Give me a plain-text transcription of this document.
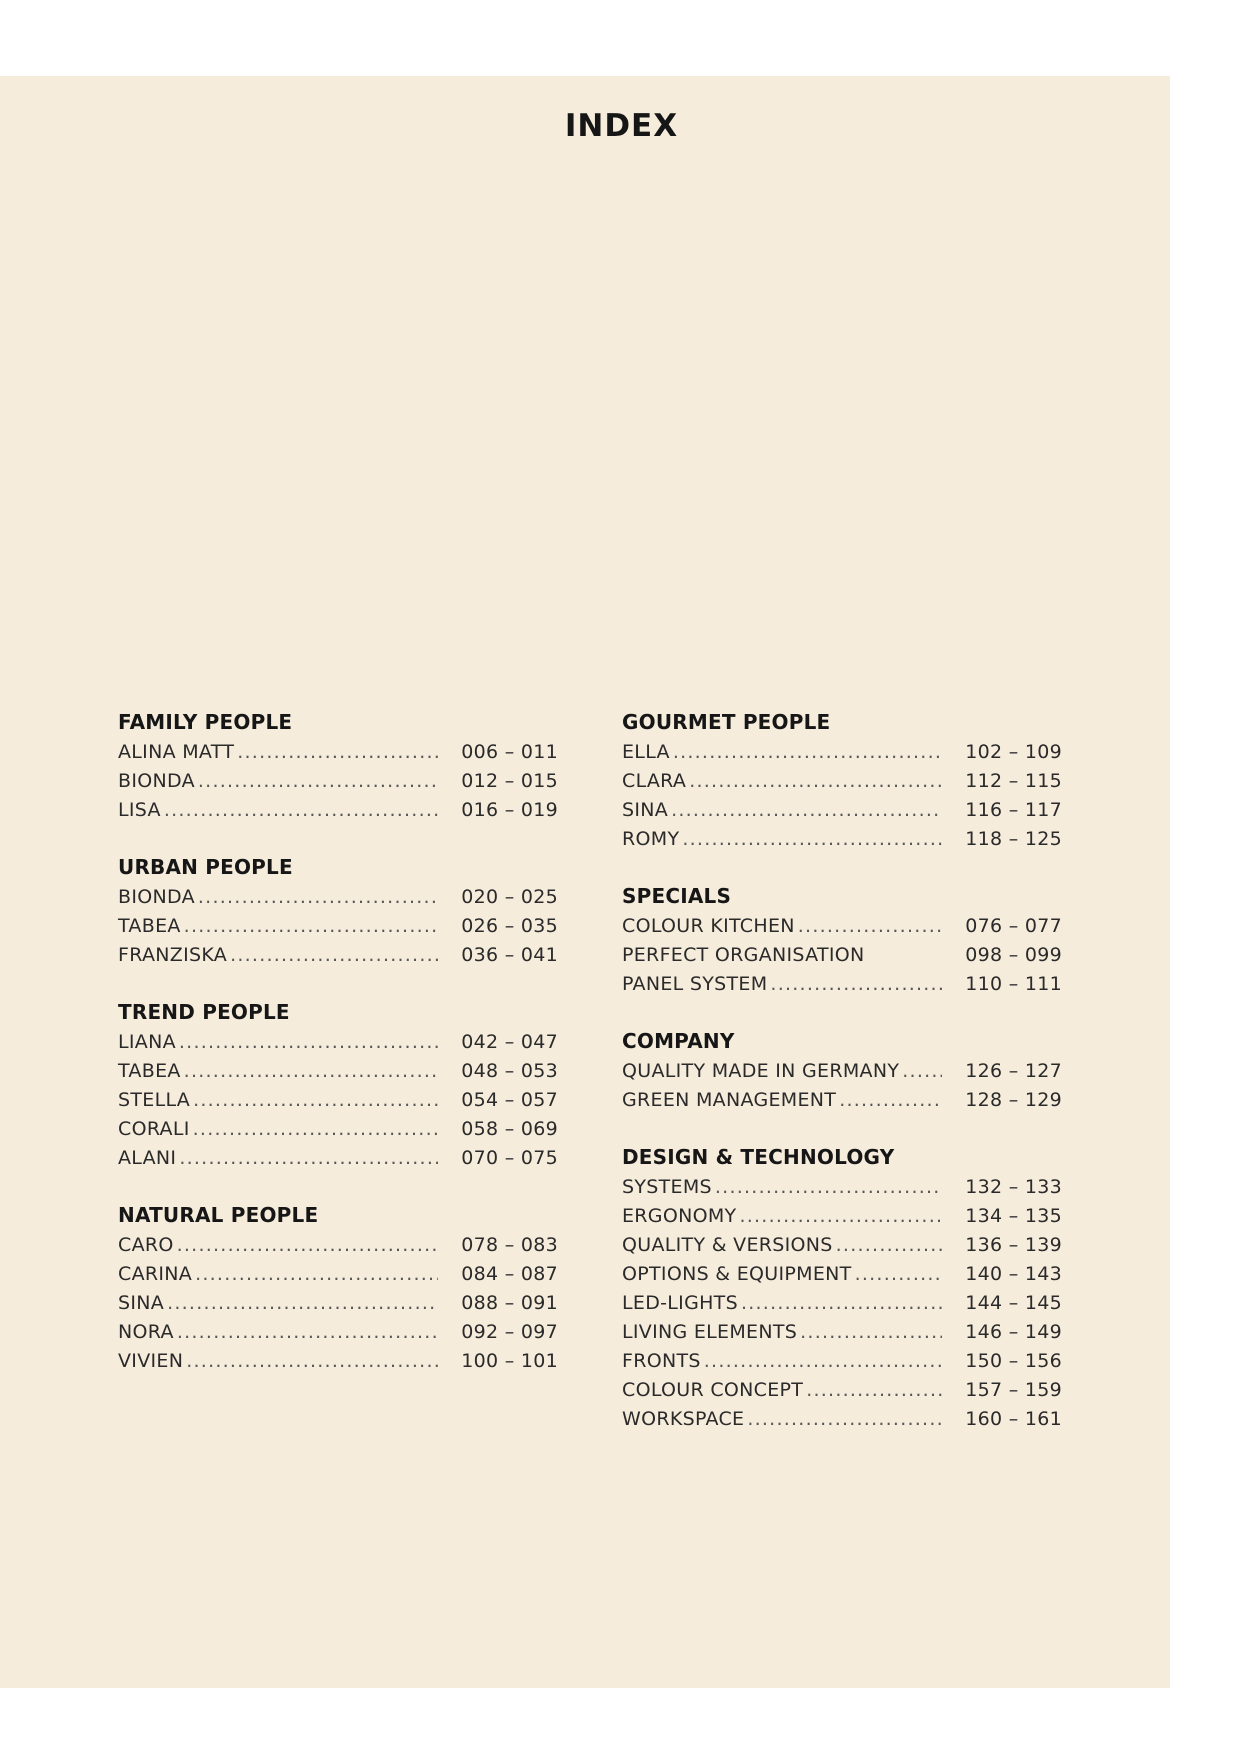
INDEX
FAMILY PEOPLE
ALINA MATT . . .	006 – 011
BIONDA . . .	012 – 015
LISA . . .	016 – 019
URBAN PEOPLE
BIONDA . . .	020 – 025
TABEA . . .	026 – 035
FRANZISKA . . .	036 – 041
TREND PEOPLE
LIANA . . .	042 – 047
TABEA . . .	048 – 053
STELLA . . .	054 – 057
CORALI . . .	058 – 069
ALANI . . .	070 – 075
NATURAL PEOPLE
CARO . . .	078 – 083
CARINA . . .	084 – 087
SINA . . .	088 – 091
NORA . . .	092 – 097
VIVIEN . . .	100 – 101
GOURMET PEOPLE
ELLA . . .	102 – 109
CLARA . . .	112 – 115
SINA . . .	116 – 117
ROMY . . .	118 – 125
SPECIALS
COLOUR KITCHEN . . .	076 – 077
PERFECT ORGANISATION	098 – 099
PANEL SYSTEM . . .	110 – 111
COMPANY
QUALITY MADE IN GERMANY . . .	126 – 127
GREEN MANAGEMENT . . .	128 – 129
DESIGN & TECHNOLOGY
SYSTEMS . . .	132 – 133
ERGONOMY . . .	134 – 135
QUALITY & VERSIONS . . .	136 – 139
OPTIONS & EQUIPMENT . . .	140 – 143
LED-LIGHTS . . .	144 – 145
LIVING ELEMENTS . . .	146 – 149
FRONTS . . .	150 – 156
COLOUR CONCEPT . . .	157 – 159
WORKSPACE . . .	160 – 161
